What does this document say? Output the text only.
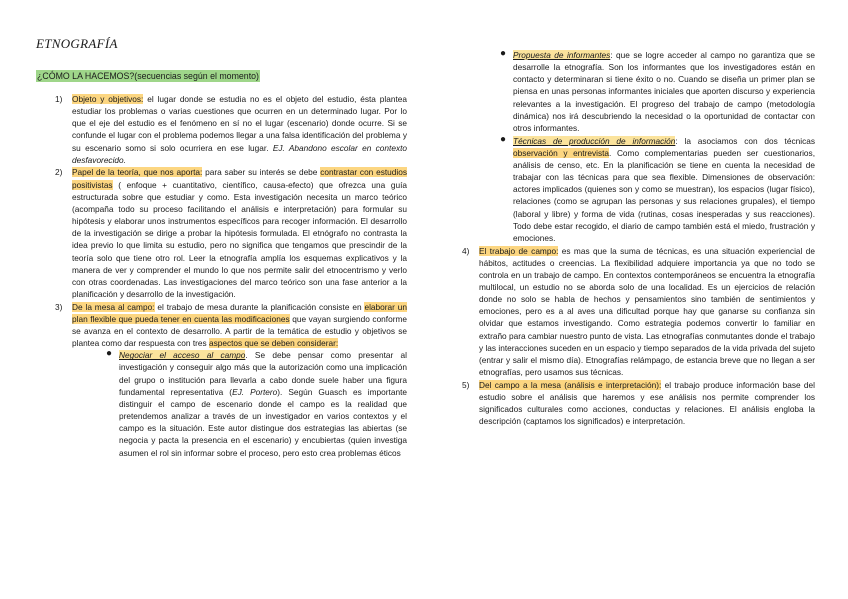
ETNOGRAFÍA
¿CÓMO LA HACEMOS?(secuencias según el momento)
1) Objeto y objetivos: el lugar donde se estudia no es el objeto del estudio, ésta plantea estudiar los problemas o varias cuestiones que ocurren en un determinado lugar. Por lo que el eje del estudio es el fenómeno en sí no el lugar (escenario) donde ocurre. Si se confunde el lugar con el problema podemos llegar a una falsa identificación del problema y su escenario somo si solo ocurriera en ese lugar. EJ. Abandono escolar en contexto desfavorecido.
2) Papel de la teoría, que nos aporta: para saber su interés se debe contrastar con estudios positivistas ( enfoque + cuantitativo, científico, causa-efecto) que ofrezca una guía estructurada sobre que estudiar y como. Esta investigación necesita un marco teórico (acompaña todo su proceso facilitando el análisis e interpretación) para formular su hipótesis y elaborar unos instrumentos específicos para recoger información. El desarrollo de la investigación se dirige a probar la hipótesis formulada. El etnógrafo no contrasta la idea previo lo que limita su estudio, pero no significa que tengamos que prescindir de la teoría solo que tiene otro rol. Leer la etnografía amplía los esquemas explicativos y la manera de ver y comprender el mundo lo que nos permite salir del etnocentrismo y verlo con otras coordenadas. Las investigaciones del marco teórico son una fase anterior a la planificación y desarrollo de la investigación.
3) De la mesa al campo: el trabajo de mesa durante la planificación consiste en elaborar un plan flexible que pueda tener en cuenta las modificaciones que vayan surgiendo conforme se avanza en el contexto de desarrollo. A partir de la temática de estudio y objetivos se plantea como dar respuesta con tres aspectos que se deben considerar:
● Negociar el acceso al campo. Se debe pensar como presentar al investigación y conseguir algo más que la autorización como una implicación del grupo o institución para llevarla a cabo donde suele haber una figura fundamental representativa (EJ. Portero). Según Guasch es importante distinguir el campo de escenario donde el campo es la realidad que pretendemos analizar a través de un investigador en varios contextos y el campo es la situación. Este autor distingue dos estrategias las abiertas (se negocia y pacta la presencia en el escenario) y encubiertas (quien investiga asumen el rol sin informar sobre el proceso, pero esto crea problemas éticos
● Propuesta de informantes: que se logre acceder al campo no garantiza que se desarrolle la etnografía. Son los informantes que los investigadores están en contacto y determinaran si tiene éxito o no. Cuando se diseña un primer plan se piensa en unas personas informantes iniciales que aporten discurso y experiencia relevantes a la investigación. El progreso del trabajo de campo (metodología dinámica) nos irá descubriendo la necesidad o la oportunidad de contactar con otros informantes.
● Técnicas de producción de información: la asociamos con dos técnicas observación y entrevista. Como complementarias pueden ser cuestionarios, análisis de censo, etc. En la planificación se tiene en cuenta la necesidad de trabajar con las técnicas para que sea flexible. Dimensiones de observación: actores implicados (quienes son y como se muestran), los espacios (lugar físico), relaciones (como se agrupan las personas y sus relaciones grupales), el tiempo (laboral y libre) y forma de vida (rutinas, cosas inesperadas y sus reacciones). Todo debe estar recogido, el diario de campo también está el miedo, frustración y emociones.
4) El trabajo de campo: es mas que la suma de técnicas, es una situación experiencial de hábitos, actitudes o creencias. La flexibilidad adquiere importancia ya que no todo se controla en un trabajo de campo. En contextos contemporáneos se encuentra la etnografía multilocal, un estudio no se aborda solo de una localidad. Es un ejercicios de relación donde no solo se habla de hechos y pensamientos sino también de sentimientos y emociones, pero es a al aves una dificultad porque hay que ganarse su confianza sin olvidar que estamos investigando. Como estrategia podemos convertir lo familiar en extraño para cambiar nuestro punto de vista. Las etnografías conmutantes donde el trabajo y las interacciones suceden en un espacio y tiempo separados de la vida privada del sujeto (entrar y salir el mismo día). Etnografías relámpago, de estancia breve que no llegan a ser etnografías, pero usamos sus técnicas.
5) Del campo a la mesa (análisis e interpretación): el trabajo produce información base del estudio sobre el análisis que haremos y ese análisis nos permite comprender los significados culturales como acciones, conductas y relaciones. El análisis engloba la descripción (captamos los significados) e interpretación.
